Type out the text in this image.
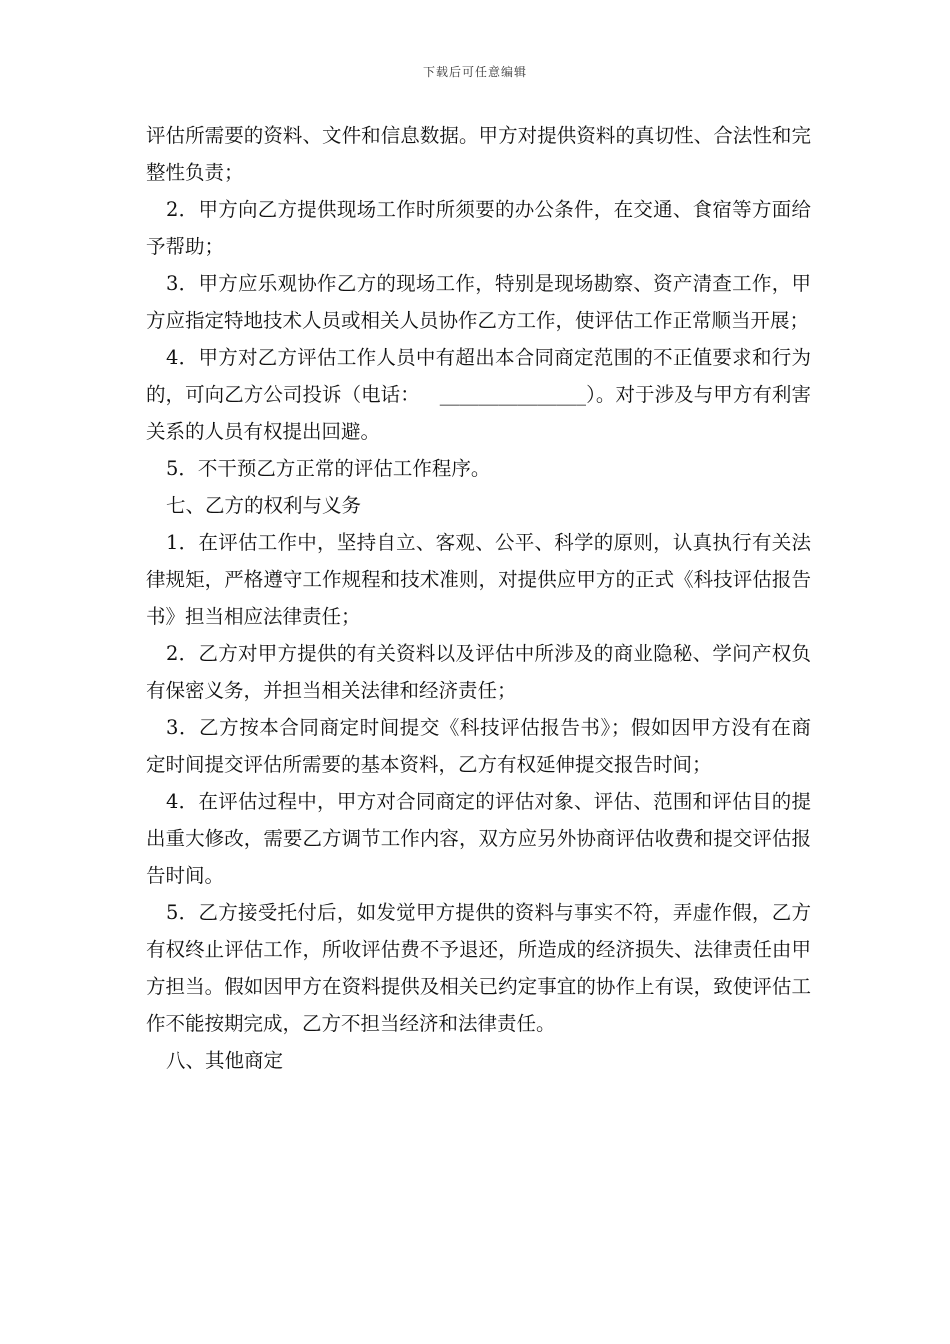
下载后可任意编辑

评估所需要的资料、文件和信息数据。甲方对提供资料的真切性、合法性和完整性负责；

2．甲方向乙方提供现场工作时所须要的办公条件，在交通、食宿等方面给予帮助；

3．甲方应乐观协作乙方的现场工作，特别是现场勘察、资产清查工作，甲方应指定特地技术人员或相关人员协作乙方工作，使评估工作正常顺当开展；

4．甲方对乙方评估工作人员中有超出本合同商定范围的不正值要求和行为的，可向乙方公司投诉（电话： _______________）。对于涉及与甲方有利害关系的人员有权提出回避。

5．不干预乙方正常的评估工作程序。

七、乙方的权利与义务

1．在评估工作中，坚持自立、客观、公平、科学的原则，认真执行有关法律规矩，严格遵守工作规程和技术准则，对提供应甲方的正式《科技评估报告书》担当相应法律责任；

2．乙方对甲方提供的有关资料以及评估中所涉及的商业隐秘、学问产权负有保密义务，并担当相关法律和经济责任；

3．乙方按本合同商定时间提交《科技评估报告书》；假如因甲方没有在商定时间提交评估所需要的基本资料，乙方有权延伸提交报告时间；

4．在评估过程中，甲方对合同商定的评估对象、评估、范围和评估目的提出重大修改，需要乙方调节工作内容，双方应另外协商评估收费和提交评估报告时间。

5．乙方接受托付后，如发觉甲方提供的资料与事实不符，弄虚作假，乙方有权终止评估工作，所收评估费不予退还，所造成的经济损失、法律责任由甲方担当。假如因甲方在资料提供及相关已约定事宜的协作上有误，致使评估工作不能按期完成，乙方不担当经济和法律责任。

八、其他商定
